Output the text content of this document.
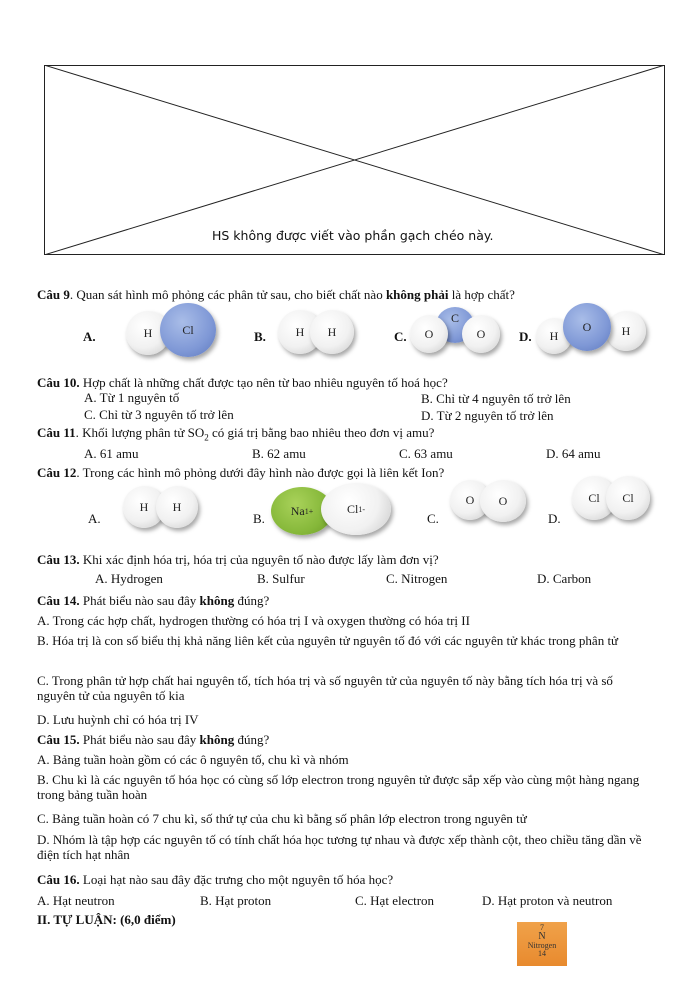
HS không được viết vào phần gạch chéo này.
Câu 9. Quan sát hình mô phỏng các phân tử sau, cho biết chất nào không phải là hợp chất?
A.	H	Cl	B.	H	H	C.
C
O	O	D.	H	H
O
Câu 10. Hợp chất là những chất được tạo nên từ bao nhiêu nguyên tố hoá học?
A. Từ 1 nguyên tố	B. Chỉ từ 4 nguyên tố trở lên
C. Chỉ từ 3 nguyên tố trở lên	D. Từ 2 nguyên tố trở lên
Câu 11. Khối lượng phân tử $SO_2$ có giá trị bằng bao nhiêu theo đơn vị amu?
A. 61 amu	B. 62 amu	C. 63 amu	D. 64 amu
Câu 12. Trong các hình mô phỏng dưới đây hình nào được gọi là liên kết Ion?
A.
H	H
B.
Na 1+	Cl 1-
C.
O	O
D.
Cl	Cl
Câu 13. Khi xác định hóa trị, hóa trị của nguyên tố nào được lấy làm đơn vị?
A. Hydrogen	B. Sulfur	C. Nitrogen	D. Carbon
Câu 14. Phát biểu nào sau đây không đúng?
A. Trong các hợp chất, hydrogen thường có hóa trị I và oxygen thường có hóa trị II
B. Hóa trị là con số biểu thị khả năng liên kết của nguyên tử nguyên tố đó với các nguyên tử khác trong phân tử
C. Trong phân tử hợp chất hai nguyên tố, tích hóa trị và số nguyên tử của nguyên tố này bằng tích hóa trị và số nguyên tử của nguyên tố kia
D. Lưu huỳnh chỉ có hóa trị IV
Câu 15. Phát biểu nào sau đây không đúng?
A. Bảng tuần hoàn gồm có các ô nguyên tố, chu kì và nhóm
B. Chu kì là các nguyên tố hóa học có cùng số lớp electron trong nguyên tử được sắp xếp vào cùng một hàng ngang trong bảng tuần hoàn
C. Bảng tuần hoàn có 7 chu kì, số thứ tự của chu kì bằng số phân lớp electron trong nguyên tử
D. Nhóm là tập hợp các nguyên tố có tính chất hóa học tương tự nhau và được xếp thành cột, theo chiều tăng dần về điện tích hạt nhân
Câu 16. Loại hạt nào sau đây đặc trưng cho một nguyên tố hóa học?
A. Hạt neutron	B. Hạt proton	C. Hạt electron	D. Hạt proton và neutron
II. TỰ LUẬN: (6,0 điểm)
7
N
Nitrogen
14
